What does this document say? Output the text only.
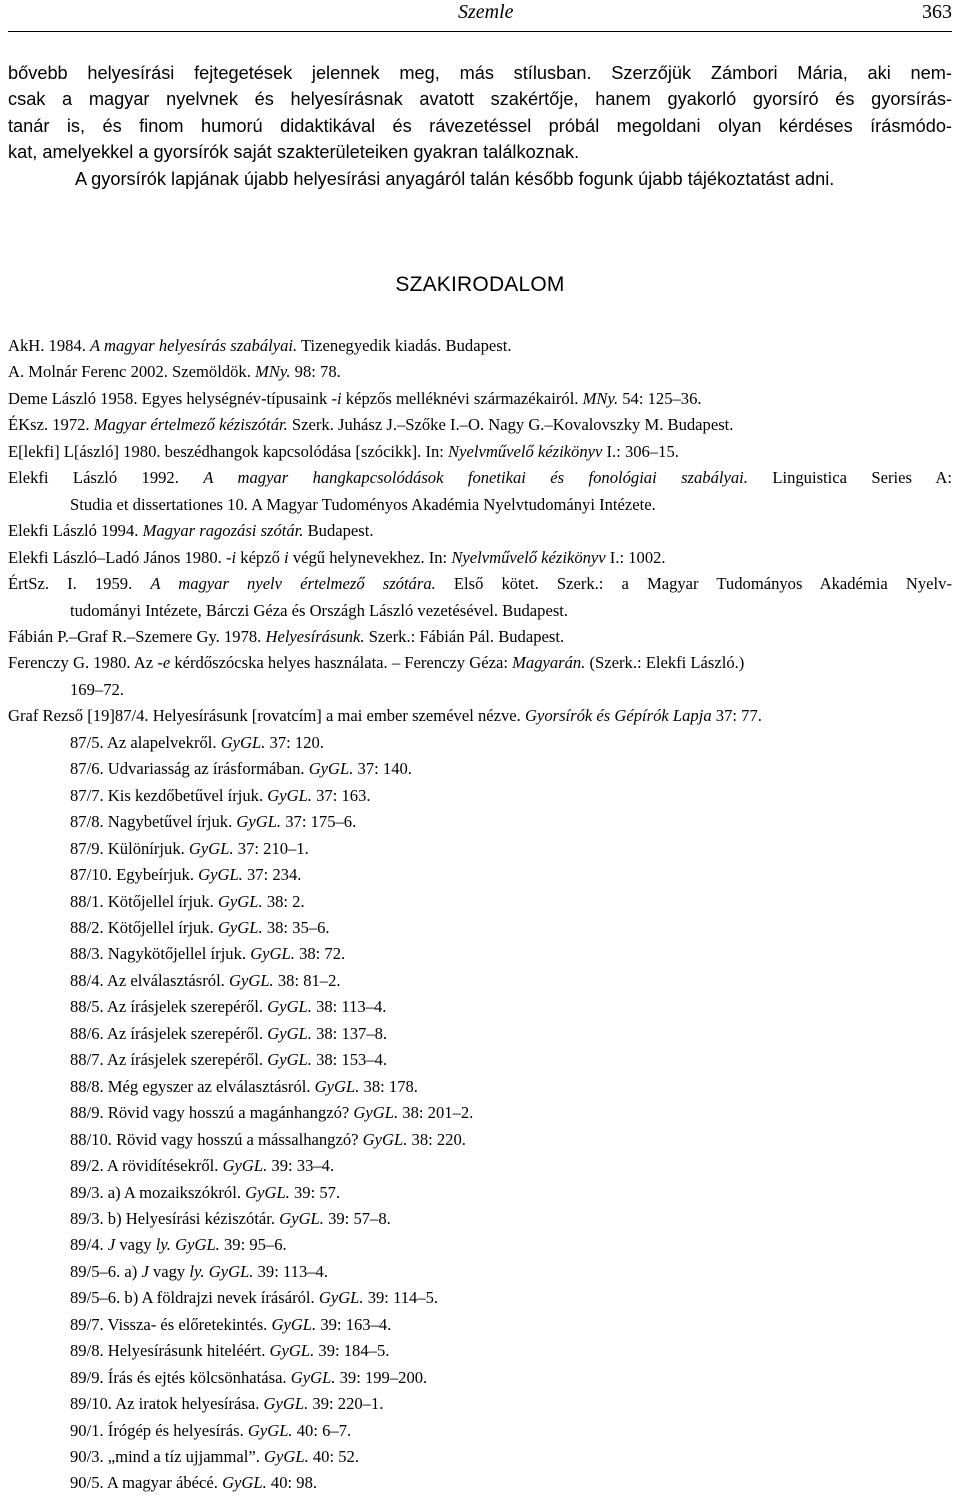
Szemle	363
bővebb helyesírási fejtegetések jelennek meg, más stílusban. Szerzőjük Zámbori Mária, aki nem-
csak a magyar nyelvnek és helyesírásnak avatott szakértője, hanem gyakorló gyorsíró és gyorsírás-
tanár is, és finom humorú didaktikával és rávezetéssel próbál megoldani olyan kérdéses írásmódo-
kat, amelyekkel a gyorsírók saját szakterületeiken gyakran találkoznak.
A gyorsírók lapjának újabb helyesírási anyagáról talán később fogunk újabb tájékoztatást adni.
SZAKIRODALOM
AkH. 1984. A magyar helyesírás szabályai. Tizenegyedik kiadás. Budapest.
A. Molnár Ferenc 2002. Szemöldök. MNy. 98: 78.
Deme László 1958. Egyes helységnév-típusaink -i képzős melléknévi származékairól. MNy. 54: 125–36.
ÉKsz. 1972. Magyar értelmező kéziszótár. Szerk. Juhász J.–Szőke I.–O. Nagy G.–Kovalovszky M. Budapest.
E[lekfi] L[ászló] 1980. beszédhangok kapcsolódása [szócikk]. In: Nyelvművelő kézikönyv I.: 306–15.
Elekfi László 1992. A magyar hangkapcsolódások fonetikai és fonológiai szabályai. Linguistica Series A:
Studia et dissertationes 10. A Magyar Tudoményos Akadémia Nyelvtudományi Intézete.
Elekfi László 1994. Magyar ragozási szótár. Budapest.
Elekfi László–Ladó János 1980. -i képző i végű helynevekhez. In: Nyelvművelő kézikönyv I.: 1002.
ÉrtSz. I. 1959. A magyar nyelv értelmező szótára. Első kötet. Szerk.: a Magyar Tudományos Akadémia Nyelv-
tudományi Intézete, Bárczi Géza és Országh László vezetésével. Budapest.
Fábián P.–Graf R.–Szemere Gy. 1978. Helyesírásunk. Szerk.: Fábián Pál. Budapest.
Ferenczy G. 1980. Az -e kérdőszócska helyes használata. – Ferenczy Géza: Magyarán. (Szerk.: Elekfi László.)
169–72.
Graf Rezső [19]87/4. Helyesírásunk [rovatcím] a mai ember szemével nézve. Gyorsírók és Gépírók Lapja 37: 77.
87/5. Az alapelvekről. GyGL. 37: 120.
87/6. Udvariasság az írásformában. GyGL. 37: 140.
87/7. Kis kezdőbetűvel írjuk. GyGL. 37: 163.
87/8. Nagybetűvel írjuk. GyGL. 37: 175–6.
87/9. Különírjuk. GyGL. 37: 210–1.
87/10. Egybeírjuk. GyGL. 37: 234.
88/1. Kötőjellel írjuk. GyGL. 38: 2.
88/2. Kötőjellel írjuk. GyGL. 38: 35–6.
88/3. Nagykötőjellel írjuk. GyGL. 38: 72.
88/4. Az elválasztásról. GyGL. 38: 81–2.
88/5. Az írásjelek szerepéről. GyGL. 38: 113–4.
88/6. Az írásjelek szerepéről. GyGL. 38: 137–8.
88/7. Az írásjelek szerepéről. GyGL. 38: 153–4.
88/8. Még egyszer az elválasztásról. GyGL. 38: 178.
88/9. Rövid vagy hosszú a magánhangzó? GyGL. 38: 201–2.
88/10. Rövid vagy hosszú a mássalhangzó? GyGL. 38: 220.
89/2. A rövidítésekről. GyGL. 39: 33–4.
89/3. a) A mozaikszókról. GyGL. 39: 57.
89/3. b) Helyesírási kéziszótár. GyGL. 39: 57–8.
89/4. J vagy ly. GyGL. 39: 95–6.
89/5–6. a) J vagy ly. GyGL. 39: 113–4.
89/5–6. b) A földrajzi nevek írásáról. GyGL. 39: 114–5.
89/7. Vissza- és előretekintés. GyGL. 39: 163–4.
89/8. Helyesírásunk hiteléért. GyGL. 39: 184–5.
89/9. Írás és ejtés kölcsönhatása. GyGL. 39: 199–200.
89/10. Az iratok helyesírása. GyGL. 39: 220–1.
90/1. Írógép és helyesírás. GyGL. 40: 6–7.
90/3. „mind a tíz ujjammal”. GyGL. 40: 52.
90/5. A magyar ábécé. GyGL. 40: 98.
